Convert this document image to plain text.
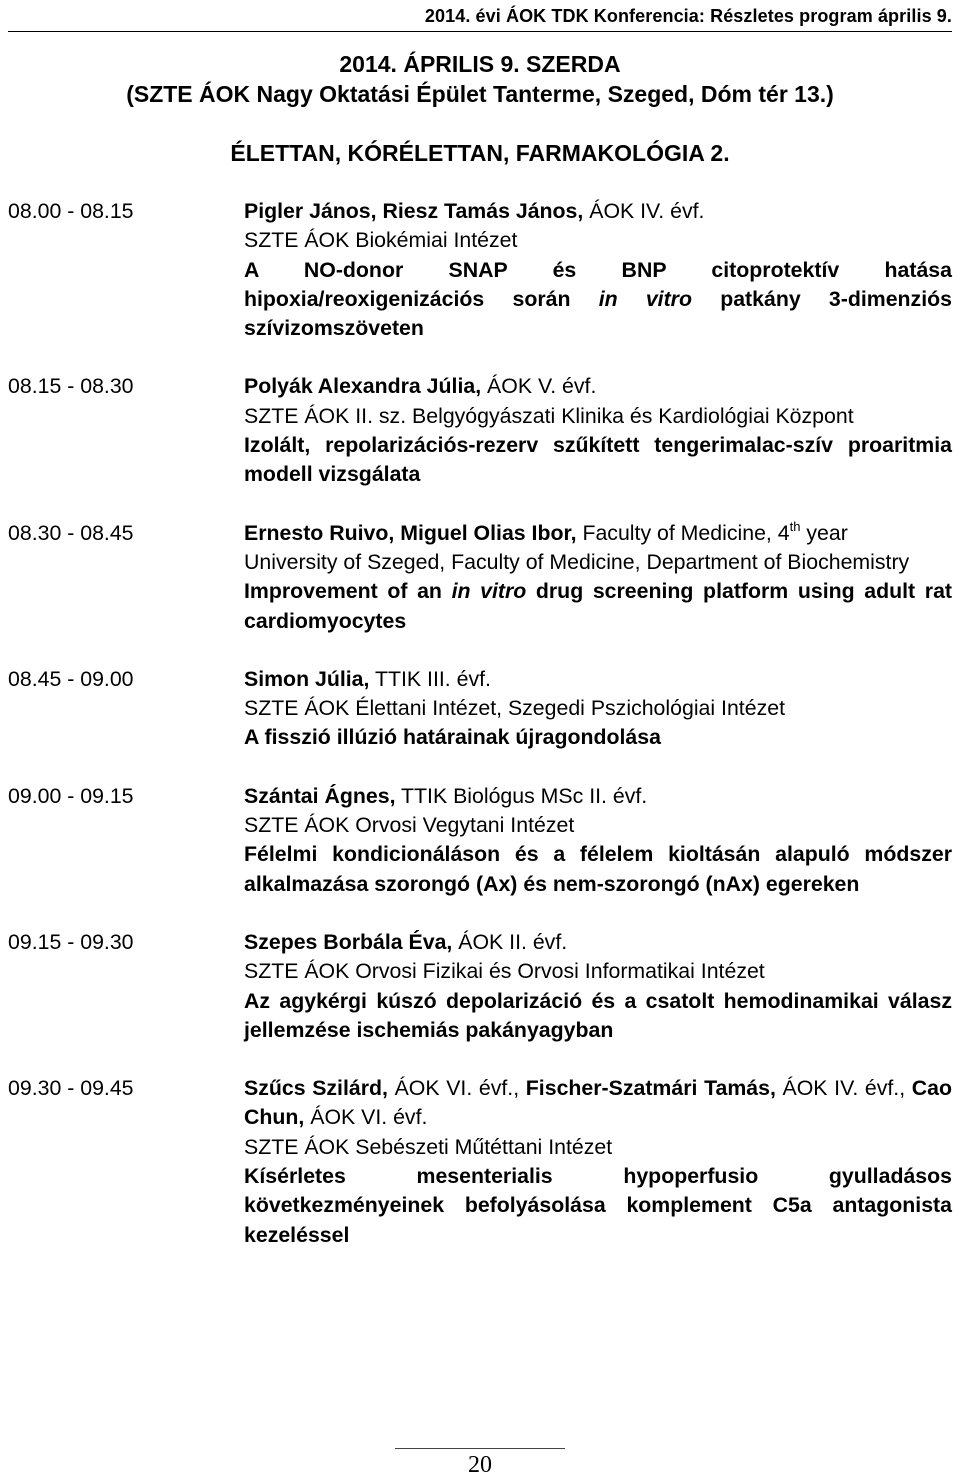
2014. évi ÁOK TDK Konferencia: Részletes program április 9.
2014. ÁPRILIS 9. SZERDA
(SZTE ÁOK Nagy Oktatási Épület Tanterme, Szeged, Dóm tér 13.)
ÉLETTAN, KÓRÉLETTAN, FARMAKOLÓGIA 2.
08.00 - 08.15	Pigler János, Riesz Tamás János, ÁOK IV. évf.
SZTE ÁOK Biokémiai Intézet
A NO-donor SNAP és BNP citoprotektív hatása hipoxia/reoxigenizációs során in vitro patkány 3-dimenziós szívizomszöveten
08.15 - 08.30	Polyák Alexandra Júlia, ÁOK V. évf.
SZTE ÁOK II. sz. Belgyógyászati Klinika és Kardiológiai Központ
Izolált, repolarizációs-rezerv szűkített tengerimalac-szív proaritmia modell vizsgálata
08.30 - 08.45	Ernesto Ruivo, Miguel Olias Ibor, Faculty of Medicine, 4th year
University of Szeged, Faculty of Medicine, Department of Biochemistry
Improvement of an in vitro drug screening platform using adult rat cardiomyocytes
08.45 - 09.00	Simon Júlia, TTIK III. évf.
SZTE ÁOK Élettani Intézet, Szegedi Pszichológiai Intézet
A fisszió illúzió határainak újragondolása
09.00 - 09.15	Szántai Ágnes, TTIK Biológus MSc II. évf.
SZTE ÁOK Orvosi Vegytani Intézet
Félelmi kondicionáláson és a félelem kioltásán alapuló módszer alkalmazása szorongó (Ax) és nem-szorongó (nAx) egereken
09.15 - 09.30	Szepes Borbála Éva, ÁOK II. évf.
SZTE ÁOK Orvosi Fizikai és Orvosi Informatikai Intézet
Az agykérgi kúszó depolarizáció és a csatolt hemodinamikai válasz jellemzése ischemiás pakányagyban
09.30 - 09.45	Szűcs Szilárd, ÁOK VI. évf., Fischer-Szatmári Tamás, ÁOK IV. évf., Cao Chun, ÁOK VI. évf.
SZTE ÁOK Sebészeti Műtéttani Intézet
Kísérletes mesenterialis hypoperfusio gyulladásos következményeinek befolyásolása komplement C5a antagonista kezeléssel
20
